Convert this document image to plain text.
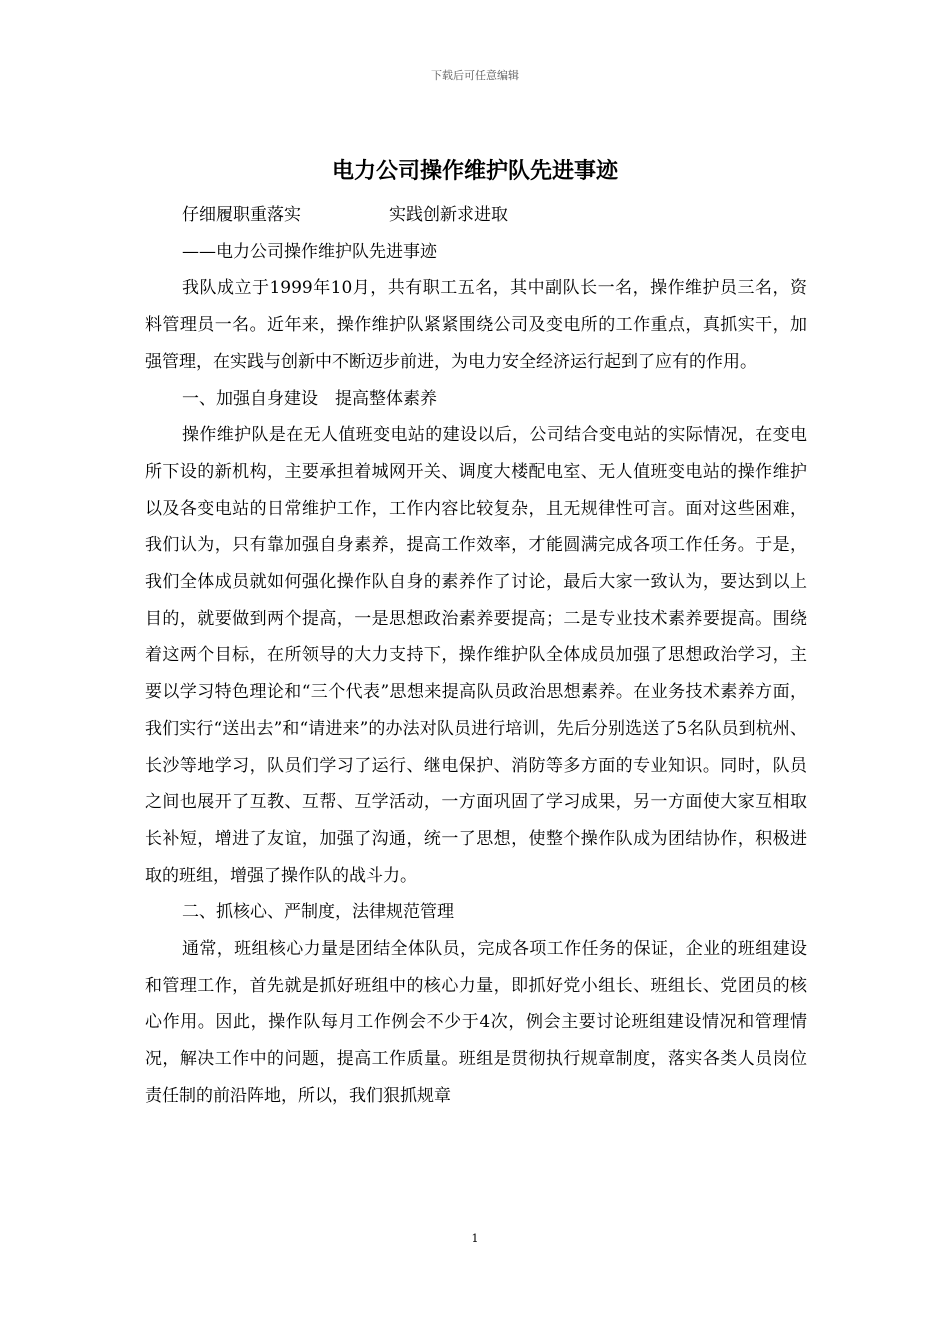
下载后可任意编辑
电力公司操作维护队先进事迹

仔细履职重落实	实践创新求进取

——电力公司操作维护队先进事迹

我队成立于1999年10月，共有职工五名，其中副队长一名，操作维护员三名，资料管理员一名。近年来，操作维护队紧紧围绕公司及变电所的工作重点，真抓实干，加强管理，在实践与创新中不断迈步前进，为电力安全经济运行起到了应有的作用。

一、加强自身建设　提高整体素养

操作维护队是在无人值班变电站的建设以后，公司结合变电站的实际情况，在变电所下设的新机构，主要承担着城网开关、调度大楼配电室、无人值班变电站的操作维护以及各变电站的日常维护工作，工作内容比较复杂，且无规律性可言。面对这些困难，我们认为，只有靠加强自身素养，提高工作效率，才能圆满完成各项工作任务。于是，我们全体成员就如何强化操作队自身的素养作了讨论，最后大家一致认为，要达到以上目的，就要做到两个提高，一是思想政治素养要提高；二是专业技术素养要提高。围绕着这两个目标，在所领导的大力支持下，操作维护队全体成员加强了思想政治学习，主要以学习特色理论和“三个代表”思想来提高队员政治思想素养。在业务技术素养方面，我们实行“送出去”和“请进来”的办法对队员进行培训，先后分别选送了5名队员到杭州、长沙等地学习，队员们学习了运行、继电保护、消防等多方面的专业知识。同时，队员之间也展开了互教、互帮、互学活动，一方面巩固了学习成果，另一方面使大家互相取长补短，增进了友谊，加强了沟通，统一了思想，使整个操作队成为团结协作，积极进取的班组，增强了操作队的战斗力。

二、抓核心、严制度，法律规范管理

通常，班组核心力量是团结全体队员，完成各项工作任务的保证，企业的班组建设和管理工作，首先就是抓好班组中的核心力量，即抓好党小组长、班组长、党团员的核心作用。因此，操作队每月工作例会不少于4次，例会主要讨论班组建设情况和管理情况，解决工作中的问题，提高工作质量。班组是贯彻执行规章制度，落实各类人员岗位责任制的前沿阵地，所以，我们狠抓规章

1
